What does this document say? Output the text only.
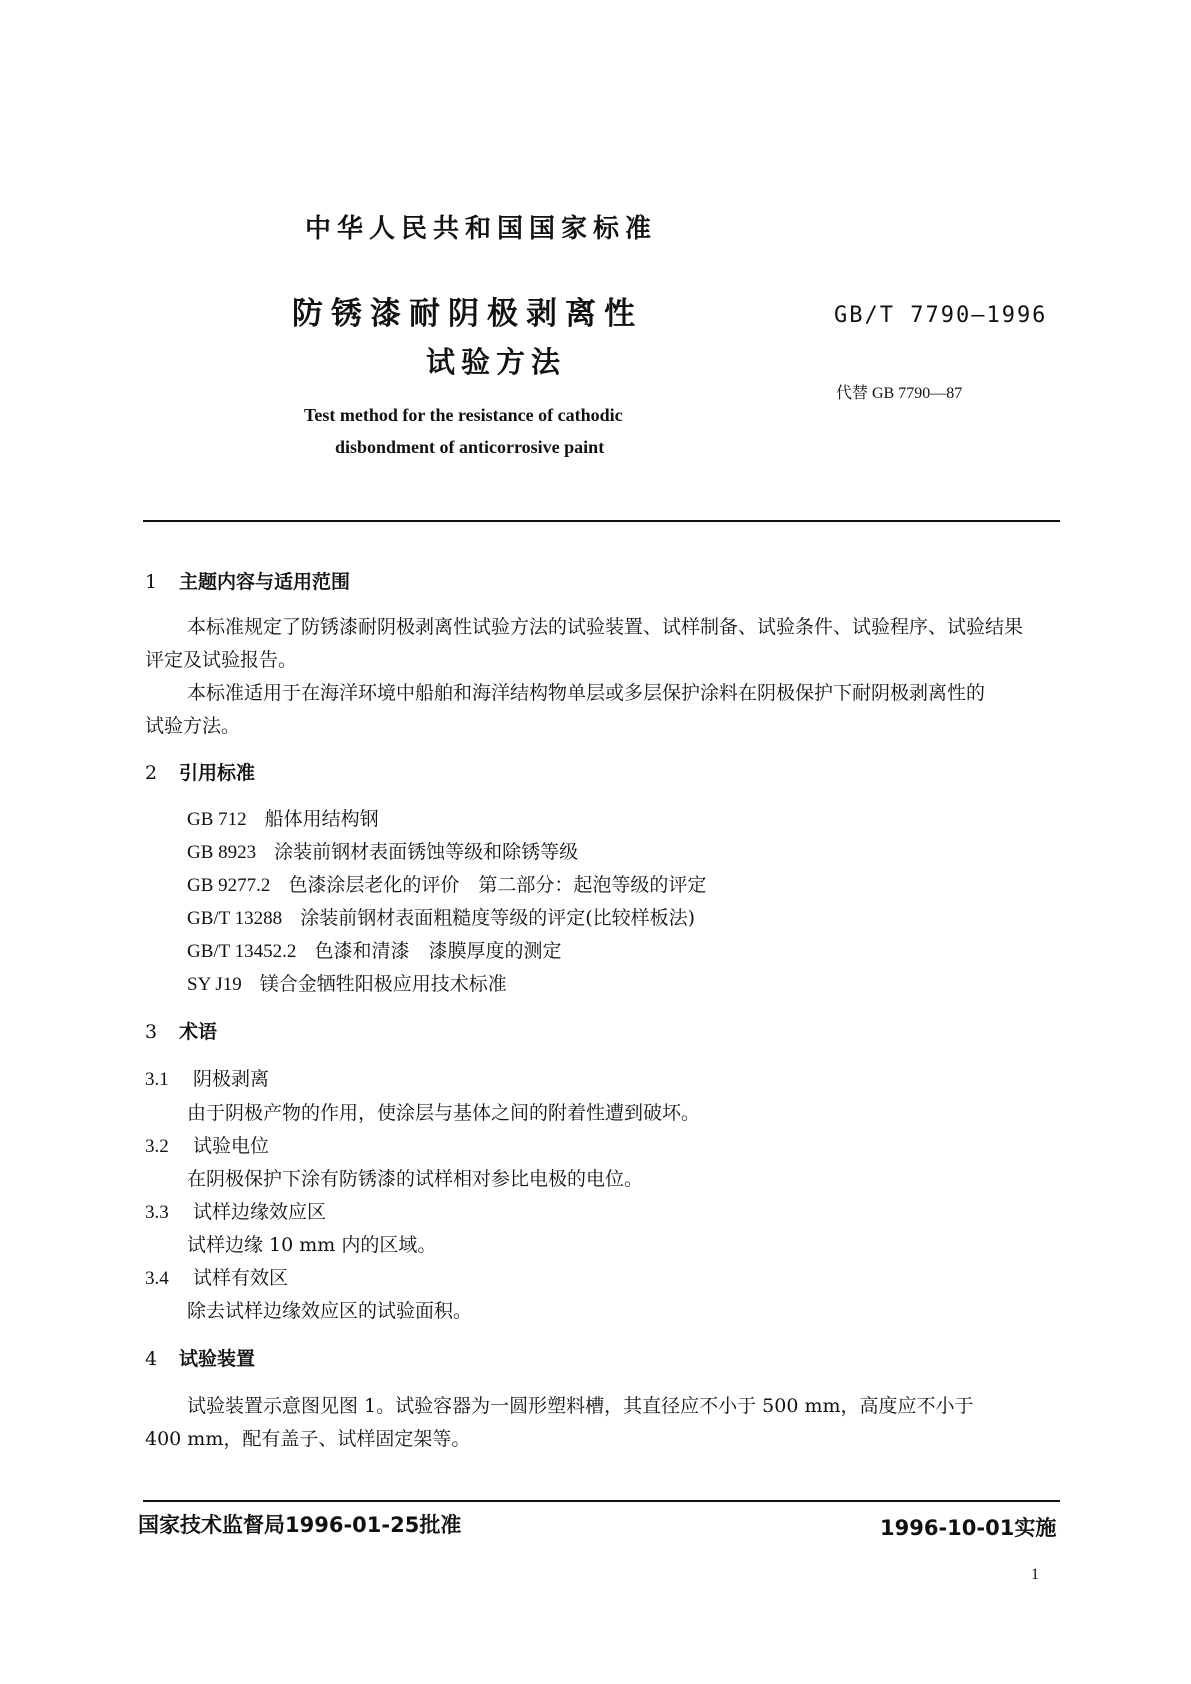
中华人民共和国国家标准
防锈漆耐阴极剥离性
试验方法
GB/T 7790—1996
代替 GB 7790—87
Test method for the resistance of cathodic
disbondment of anticorrosive paint
1 主题内容与适用范围
本标准规定了防锈漆耐阴极剥离性试验方法的试验装置、试样制备、试验条件、试验程序、试验结果
评定及试验报告。
本标准适用于在海洋环境中船舶和海洋结构物单层或多层保护涂料在阴极保护下耐阴极剥离性的
试验方法。
2 引用标准
GB 712 船体用结构钢
GB 8923 涂装前钢材表面锈蚀等级和除锈等级
GB 9277.2 色漆涂层老化的评价　第二部分：起泡等级的评定
GB/T 13288 涂装前钢材表面粗糙度等级的评定(比较样板法)
GB/T 13452.2 色漆和清漆　漆膜厚度的测定
SY J19 镁合金牺牲阳极应用技术标准
3 术语
3.1 阴极剥离
由于阴极产物的作用，使涂层与基体之间的附着性遭到破坏。
3.2 试验电位
在阴极保护下涂有防锈漆的试样相对参比电极的电位。
3.3 试样边缘效应区
试样边缘 10 mm 内的区域。
3.4 试样有效区
除去试样边缘效应区的试验面积。
4 试验装置
试验装置示意图见图 1。试验容器为一圆形塑料槽，其直径应不小于 500 mm，高度应不小于
400 mm，配有盖子、试样固定架等。
国家技术监督局1996-01-25批准	1996-10-01实施
1
